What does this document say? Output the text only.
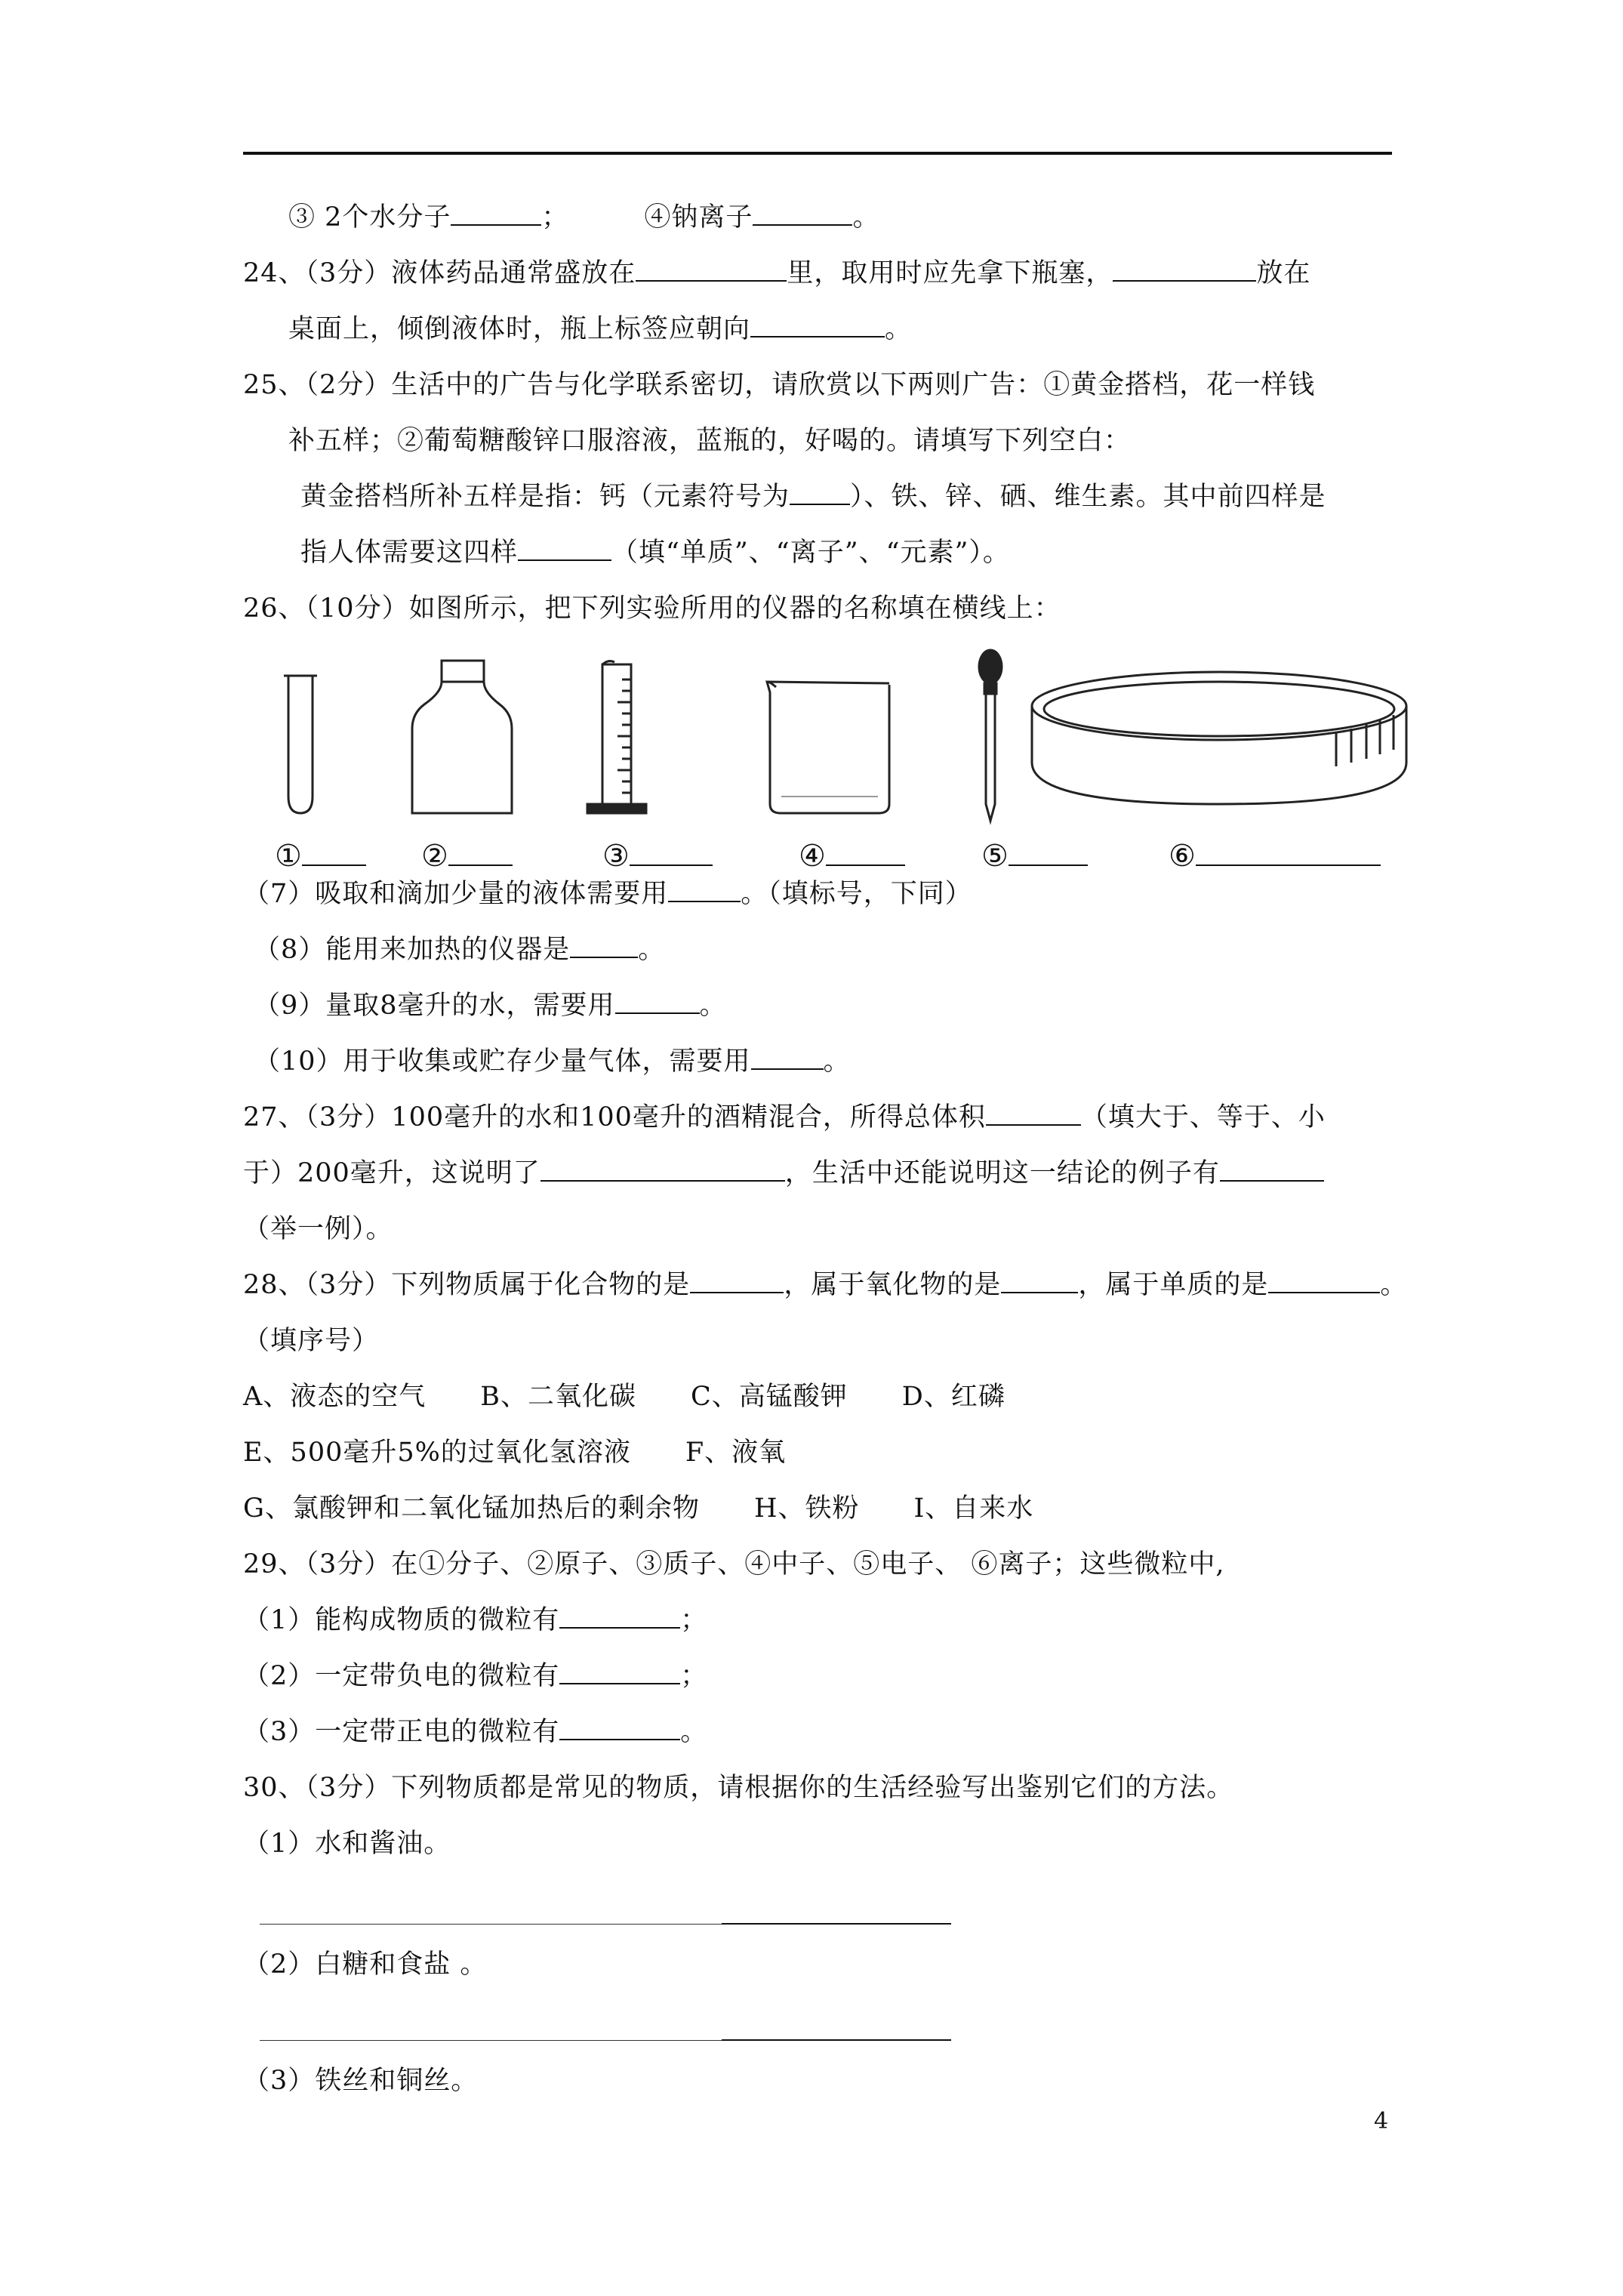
③ 2个水分子	；	④钠离子	。
24、（3分）液体药品通常盛放在	里，取用时应先拿下瓶塞，	放在
桌面上，倾倒液体时，瓶上标签应朝向	。
25、（2分）生活中的广告与化学联系密切，请欣赏以下两则广告：①黄金搭档，花一样钱
补五样；②葡萄糖酸锌口服溶液，蓝瓶的，好喝的。请填写下列空白：
黄金搭档所补五样是指：钙（元素符号为 ）、铁、锌、硒、维生素。其中前四样是
指人体需要这四样	（填“单质”、“离子”、“元素”）。
26、（10分）如图所示，把下列实验所用的仪器的名称填在横线上：
①	②	③	④	⑤	⑥
（7）吸取和滴加少量的液体需要用	。（填标号，下同）
（8）能用来加热的仪器是	。
（9）量取8毫升的水，需要用	。
（10）用于收集或贮存少量气体，需要用	。
27、（3分）100毫升的水和100毫升的酒精混合，所得总体积	（填大于、等于、小
于）200毫升，这说明了	，生活中还能说明这一结论的例子有
（举一例）。
28、（3分）下列物质属于化合物的是	，属于氧化物的是	，属于单质的是	。
（填序号）
A、液态的空气　　B、二氧化碳　　C、高锰酸钾　　D、红磷
E、500毫升5%的过氧化氢溶液　　F、液氧
G、氯酸钾和二氧化锰加热后的剩余物　　H、铁粉　　I、自来水
29、（3分）在①分子、②原子、③质子、④中子、⑤电子、 ⑥离子；这些微粒中,
（1）能构成物质的微粒有	；
（2）一定带负电的微粒有	；
（3）一定带正电的微粒有	。
30、（3分）下列物质都是常见的物质，请根据你的生活经验写出鉴别它们的方法。
（1）水和酱油。
（2）白糖和食盐 。
（3）铁丝和铜丝。
4
